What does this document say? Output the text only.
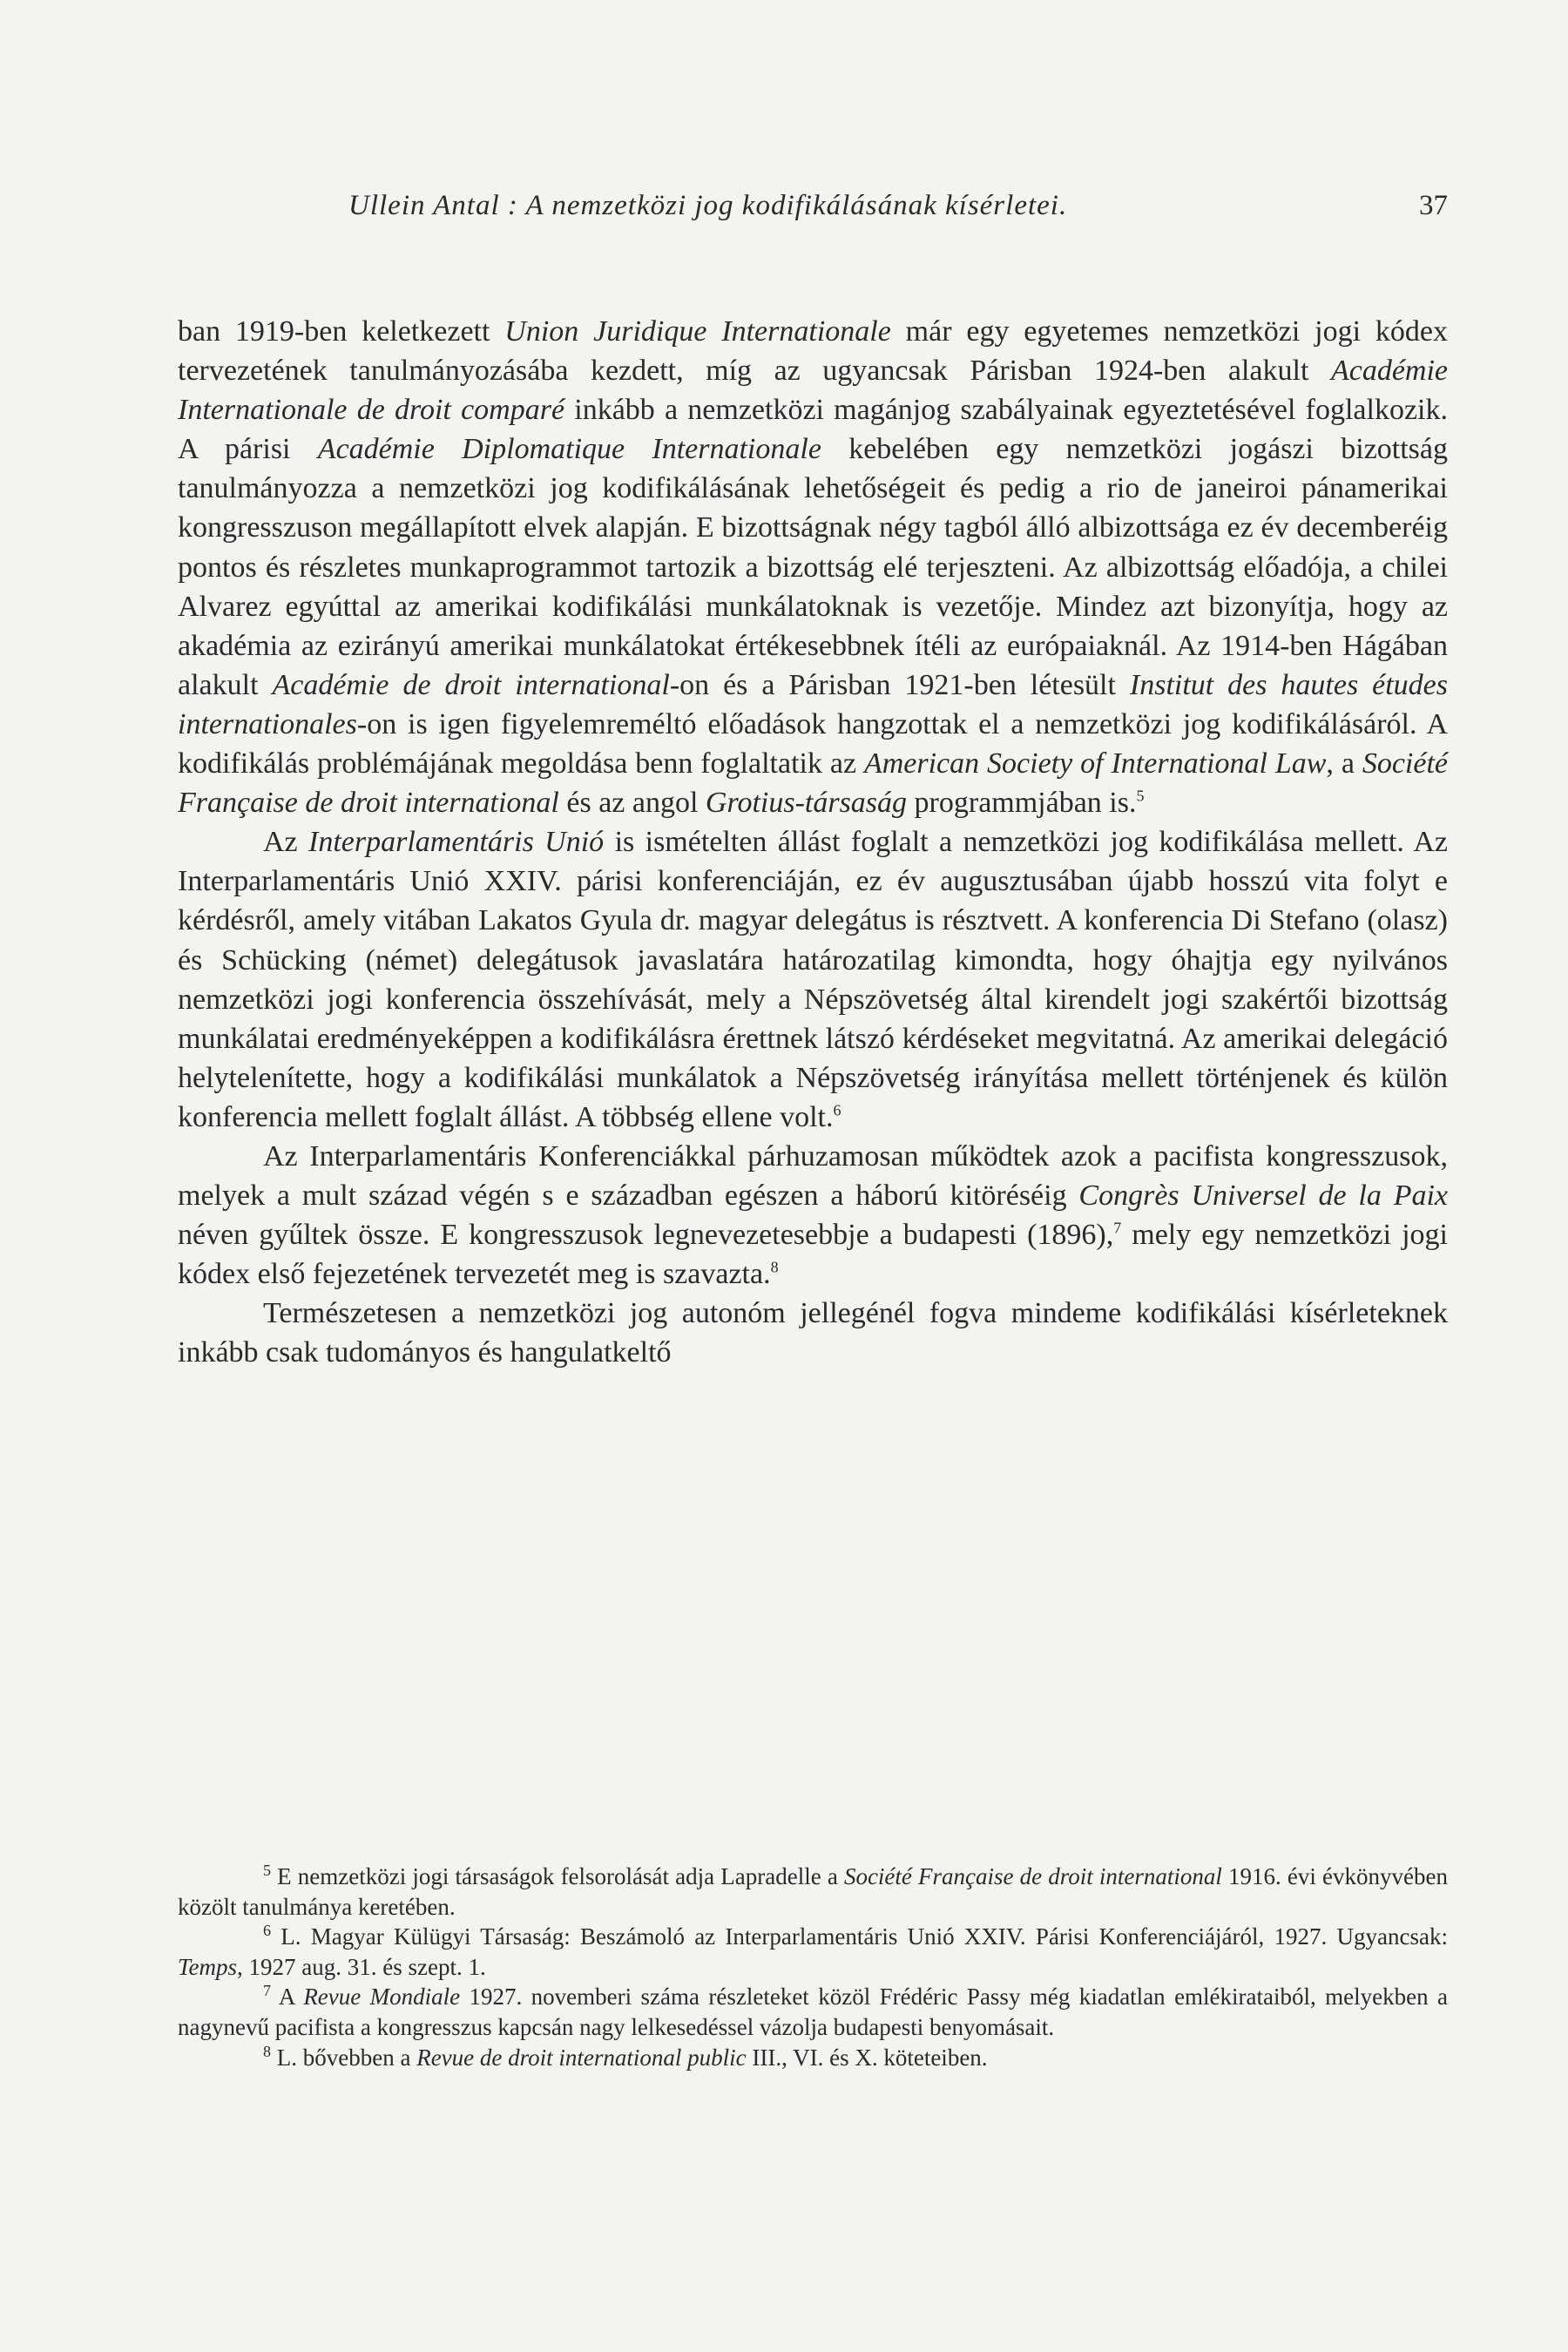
Ullein Antal : A nemzetközi jog kodifikálásának kísérletei.	37

ban 1919-ben keletkezett Union Juridique Internationale már egy egyetemes nemzetközi jogi kódex tervezetének tanulmányozásába kezdett, míg az ugyancsak Párisban 1924-ben alakult Académie Internationale de droit comparé inkább a nemzetközi magánjog szabályainak egyeztetésével foglalkozik. A párisi Académie Diplomatique Internationale kebelében egy nemzetközi jogászi bizottság tanulmányozza a nemzetközi jog kodifikálásának lehetőségeit és pedig a rio de janeiroi pánamerikai kongresszuson megállapított elvek alapján. E bizottságnak négy tagból álló albizottsága ez év decemberéig pontos és részletes munkaprogrammot tartozik a bizottság elé terjeszteni. Az albizottság előadója, a chilei Alvarez egyúttal az amerikai kodifikálási munkálatoknak is vezetője. Mindez azt bizonyítja, hogy az akadémia az ezirányú amerikai munkálatokat értékesebbnek ítéli az európaiaknál. Az 1914-ben Hágában alakult Académie de droit international-on és a Párisban 1921-ben létesült Institut des hautes études internationales-on is igen figyelemreméltó előadások hangzottak el a nemzetközi jog kodifikálásáról. A kodifikálás problémájának megoldása benn foglaltatik az American Society of International Law, a Société Française de droit international és az angol Grotius-társaság programmjában is.$^5$

Az Interparlamentáris Unió is ismételten állást foglalt a nemzetközi jog kodifikálása mellett. Az Interparlamentáris Unió XXIV. párisi konferenciáján, ez év augusztusában újabb hosszú vita folyt e kérdésről, amely vitában Lakatos Gyula dr. magyar delegátus is résztvett. A konferencia Di Stefano (olasz) és Schücking (német) delegátusok javaslatára határozatilag kimondta, hogy óhajtja egy nyilvános nemzetközi jogi konferencia összehívását, mely a Népszövetség által kirendelt jogi szakértői bizottság munkálatai eredményeképpen a kodifikálásra érettnek látszó kérdéseket megvitatná. Az amerikai delegáció helytelenítette, hogy a kodifikálási munkálatok a Népszövetség irányítása mellett történjenek és külön konferencia mellett foglalt állást. A többség ellene volt.$^6$

Az Interparlamentáris Konferenciákkal párhuzamosan működtek azok a pacifista kongresszusok, melyek a mult század végén s e században egészen a háború kitöréséig Congrès Universel de la Paix néven gyűltek össze. E kongresszusok legnevezetesebbje a budapesti (1896),$^7$ mely egy nemzetközi jogi kódex első fejezetének tervezetét meg is szavazta.$^8$

Természetesen a nemzetközi jog autonóm jellegénél fogva mindeme kodifikálási kísérleteknek inkább csak tudományos és hangulatkeltő

$^5$ E nemzetközi jogi társaságok felsorolását adja Lapradelle a Société Française de droit international 1916. évi évkönyvében közölt tanulmánya keretében.

$^6$ L. Magyar Külügyi Társaság: Beszámoló az Interparlamentáris Unió XXIV. Párisi Konferenciájáról, 1927. Ugyancsak: Temps, 1927 aug. 31. és szept. 1.

$^7$ A Revue Mondiale 1927. novemberi száma részleteket közöl Frédéric Passy még kiadatlan emlékirataiból, melyekben a nagynevű pacifista a kongresszus kapcsán nagy lelkesedéssel vázolja budapesti benyomásait.

$^8$ L. bővebben a Revue de droit international public III., VI. és X. köteteiben.
